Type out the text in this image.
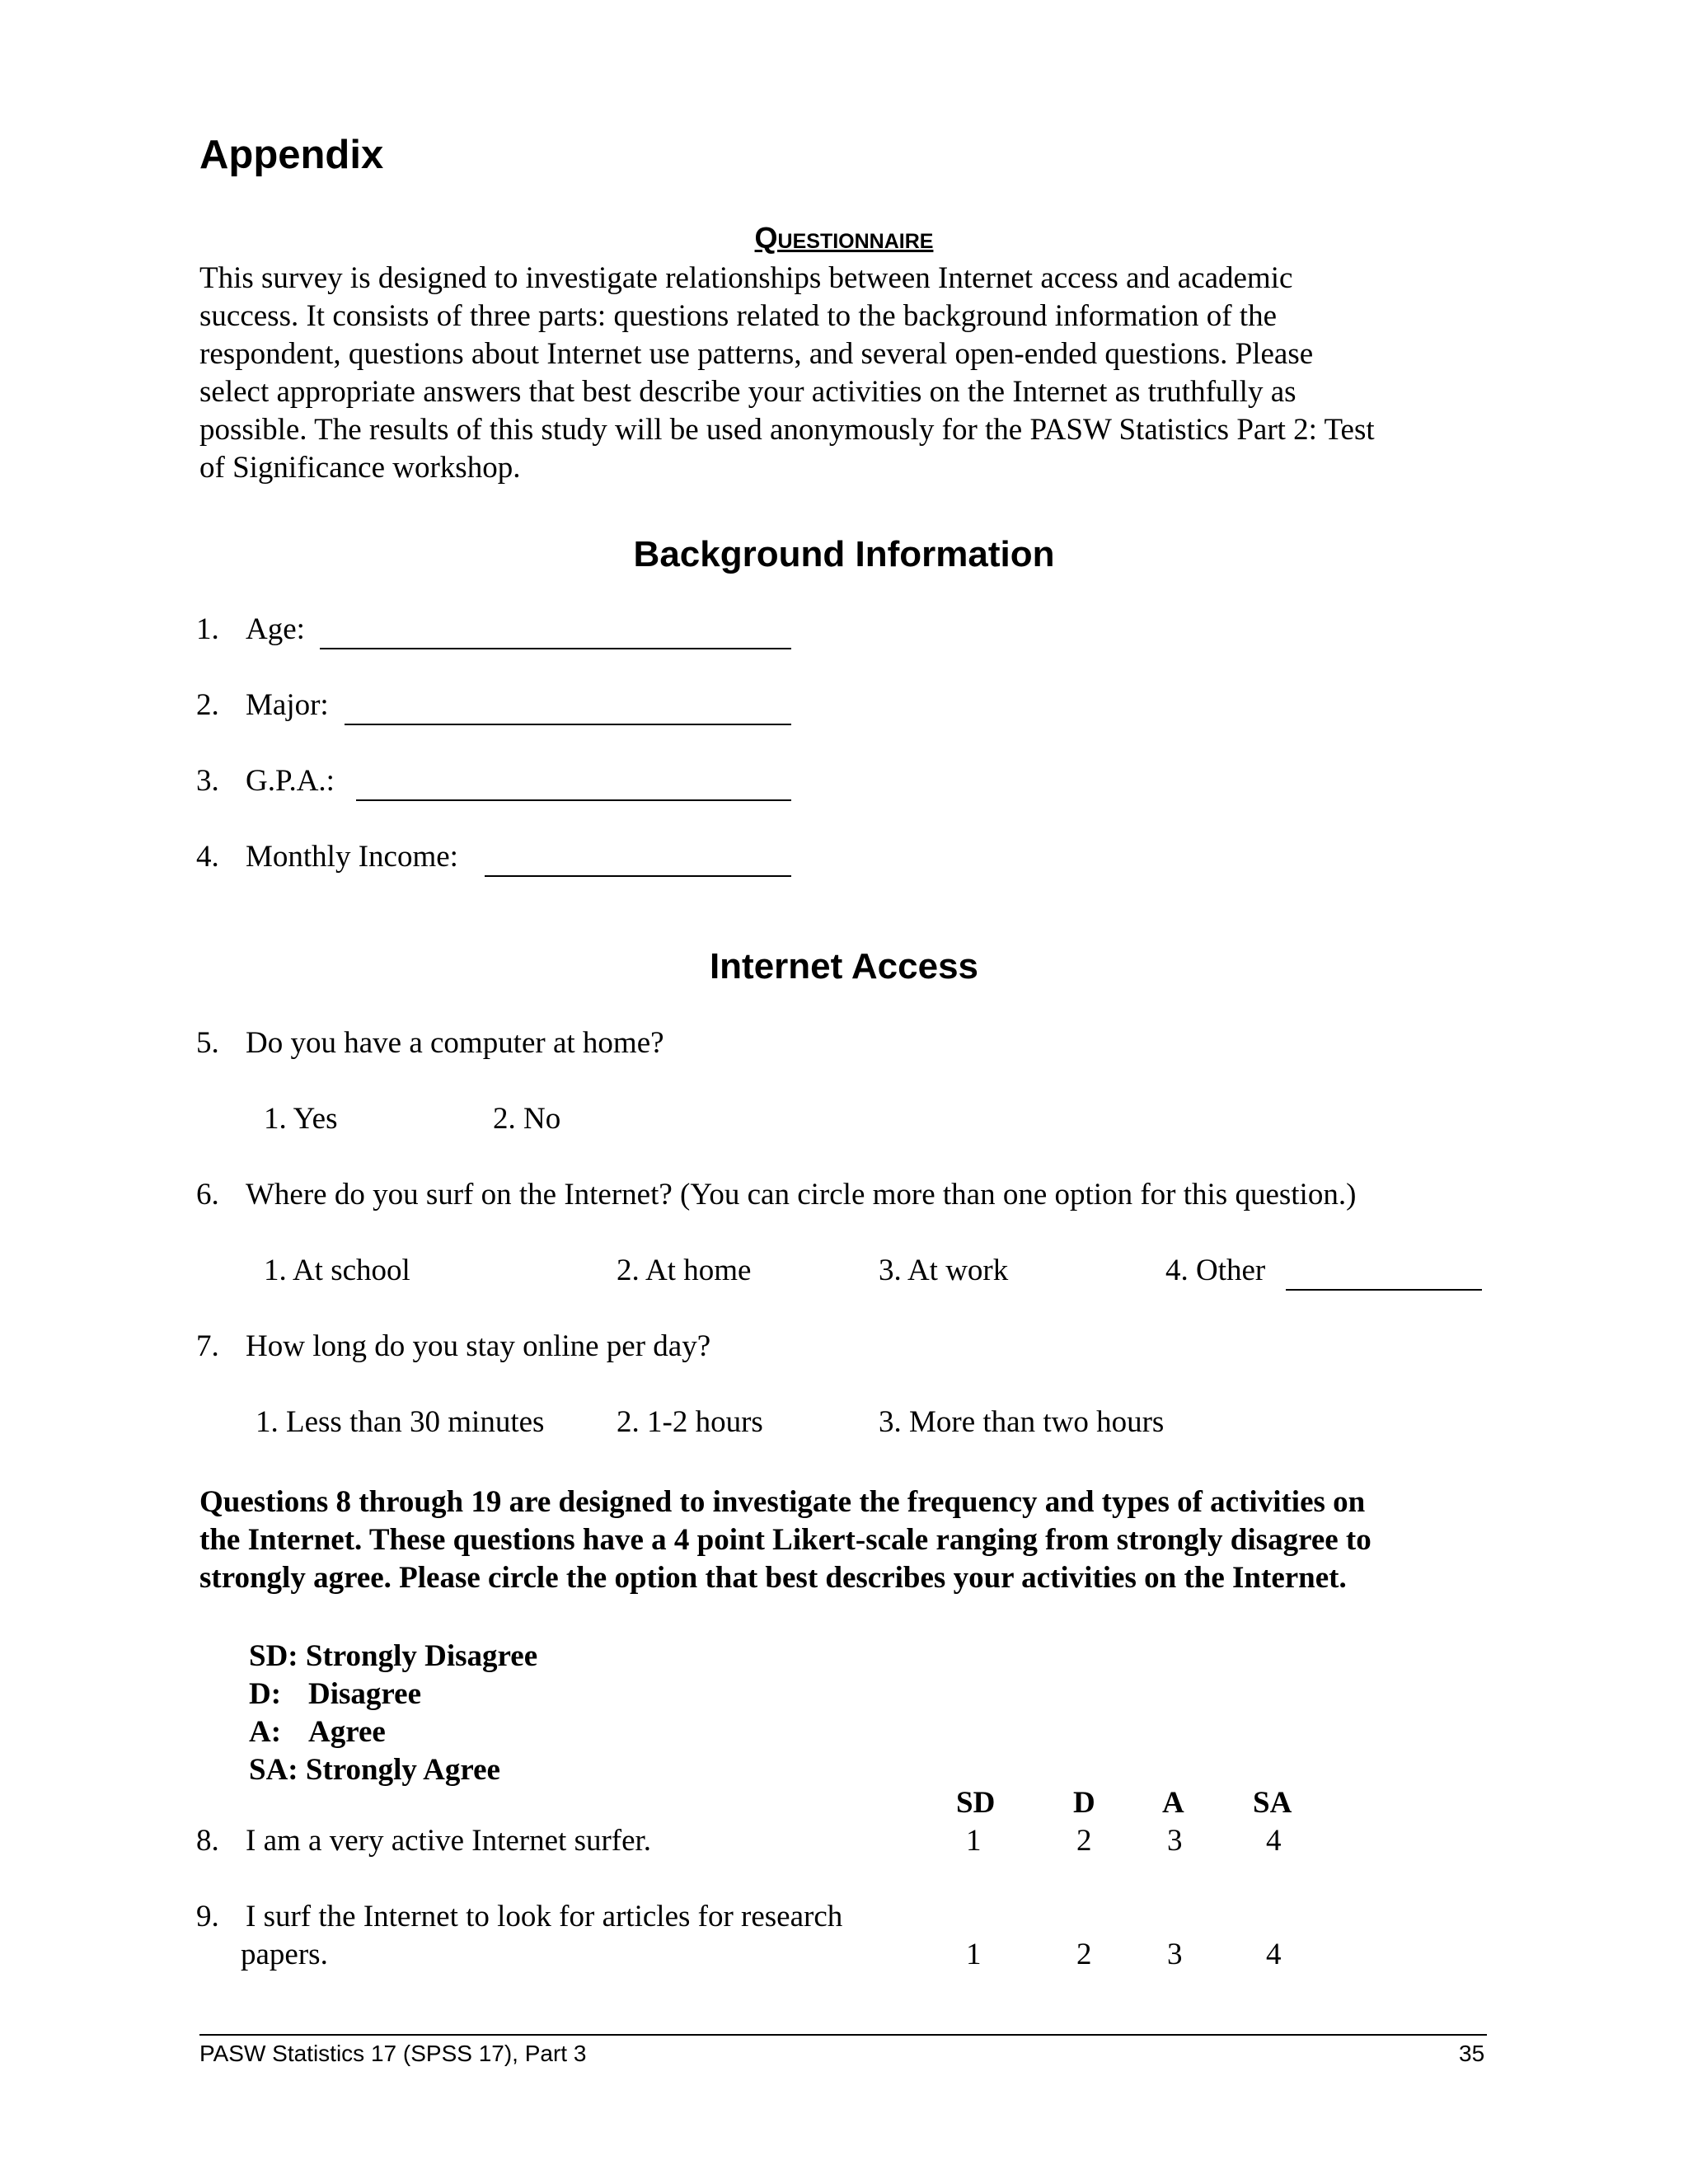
Appendix
Questionnaire
This survey is designed to investigate relationships between Internet access and academic
success. It consists of three parts: questions related to the background information of the
respondent, questions about Internet use patterns, and several open-ended questions. Please
select appropriate answers that best describe your activities on the Internet as truthfully as
possible. The results of this study will be used anonymously for the PASW Statistics Part 2: Test
of Significance workshop.
Background Information
1. Age:
2. Major:
3. G.P.A.:
4. Monthly Income:
Internet Access
5. Do you have a computer at home?
1. Yes	2. No
6. Where do you surf on the Internet? (You can circle more than one option for this question.)
1. At school	2. At home	3. At work	4. Other
7. How long do you stay online per day?
1. Less than 30 minutes 2. 1-2 hours	3. More than two hours
Questions 8 through 19 are designed to investigate the frequency and types of activities on
the Internet. These questions have a 4 point Likert-scale ranging from strongly disagree to
strongly agree. Please circle the option that best describes your activities on the Internet.
SD: Strongly Disagree
D: Disagree
A: Agree
SA: Strongly Agree
SD	D A SA
8. I am a very active Internet surfer.	1	2 3	4
9. I surf the Internet to look for articles for research
papers.	1	2 3	4
PASW Statistics 17 (SPSS 17), Part 3	35
